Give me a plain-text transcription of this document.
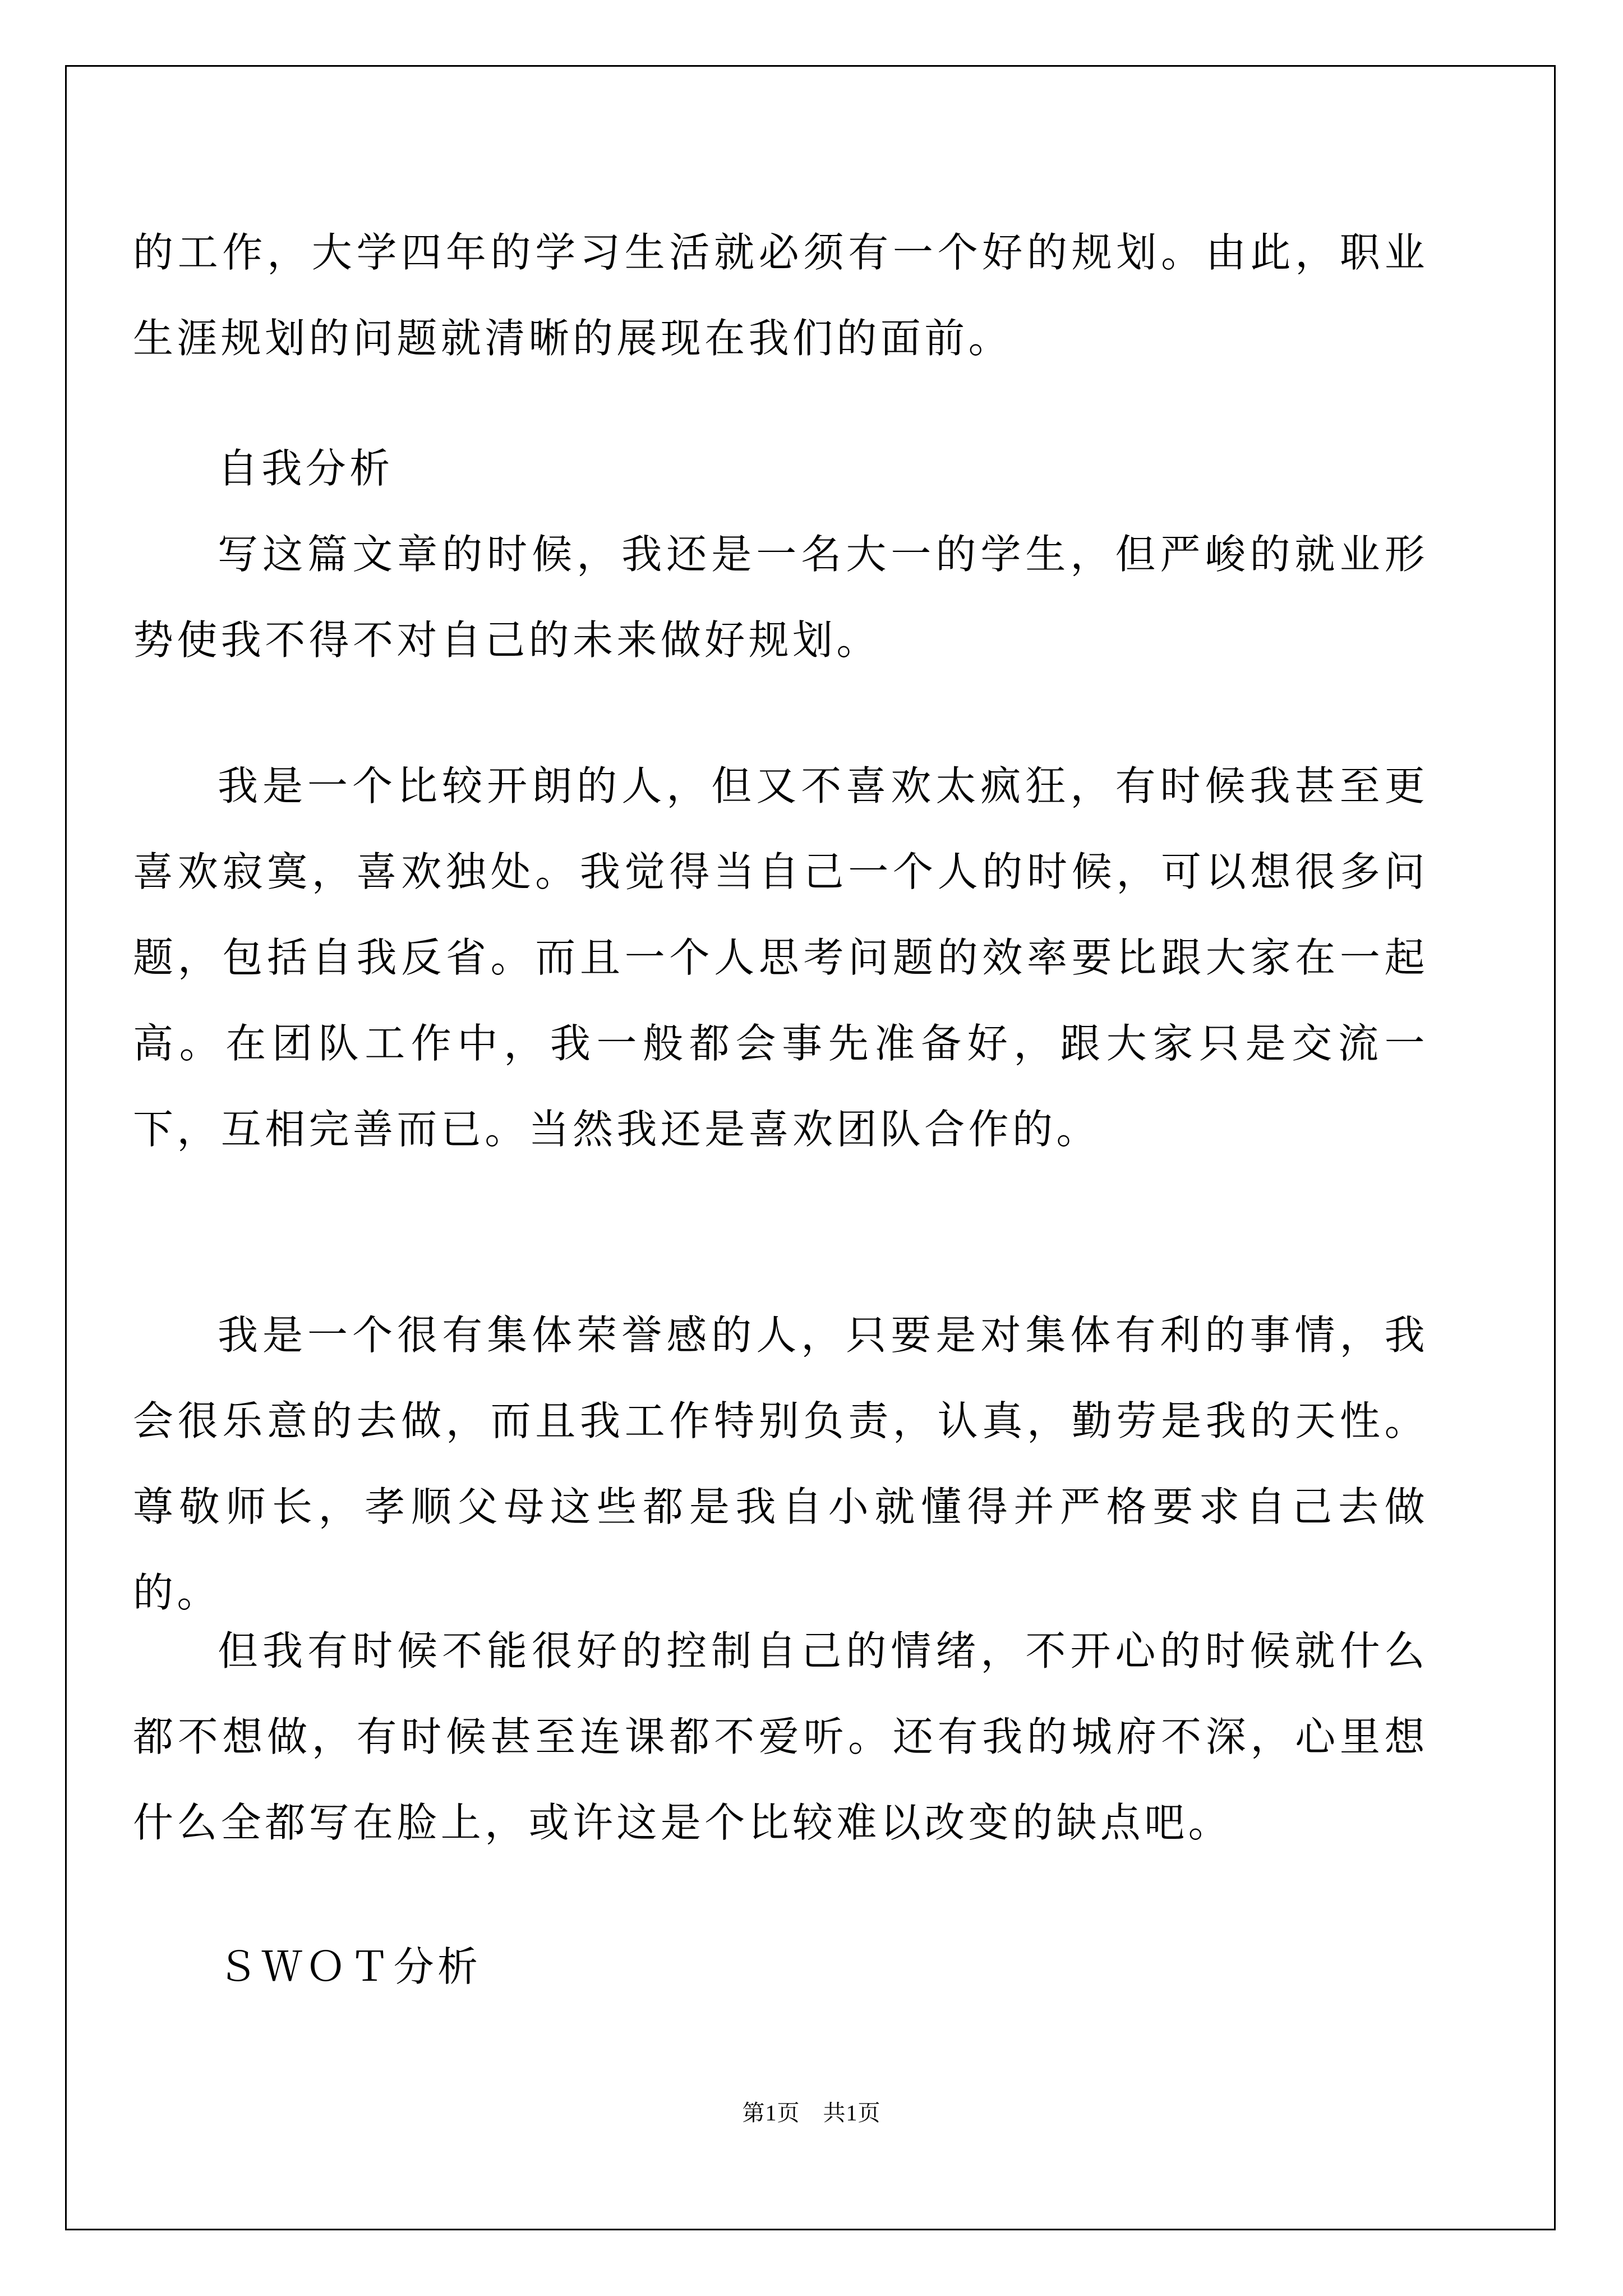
的工作，大学四年的学习生活就必须有一个好的规划。由此，职业生涯规划的问题就清晰的展现在我们的面前。

自我分析

写这篇文章的时候，我还是一名大一的学生，但严峻的就业形势使我不得不对自己的未来做好规划。

我是一个比较开朗的人，但又不喜欢太疯狂，有时候我甚至更喜欢寂寞，喜欢独处。我觉得当自己一个人的时候，可以想很多问题，包括自我反省。而且一个人思考问题的效率要比跟大家在一起高。在团队工作中，我一般都会事先准备好，跟大家只是交流一下，互相完善而已。当然我还是喜欢团队合作的。

我是一个很有集体荣誉感的人，只要是对集体有利的事情，我会很乐意的去做，而且我工作特别负责，认真，勤劳是我的天性。尊敬师长，孝顺父母这些都是我自小就懂得并严格要求自己去做的。

但我有时候不能很好的控制自己的情绪，不开心的时候就什么都不想做，有时候甚至连课都不爱听。还有我的城府不深，心里想什么全都写在脸上，或许这是个比较难以改变的缺点吧。

ＳＷＯＴ分析

第1页　共1页
